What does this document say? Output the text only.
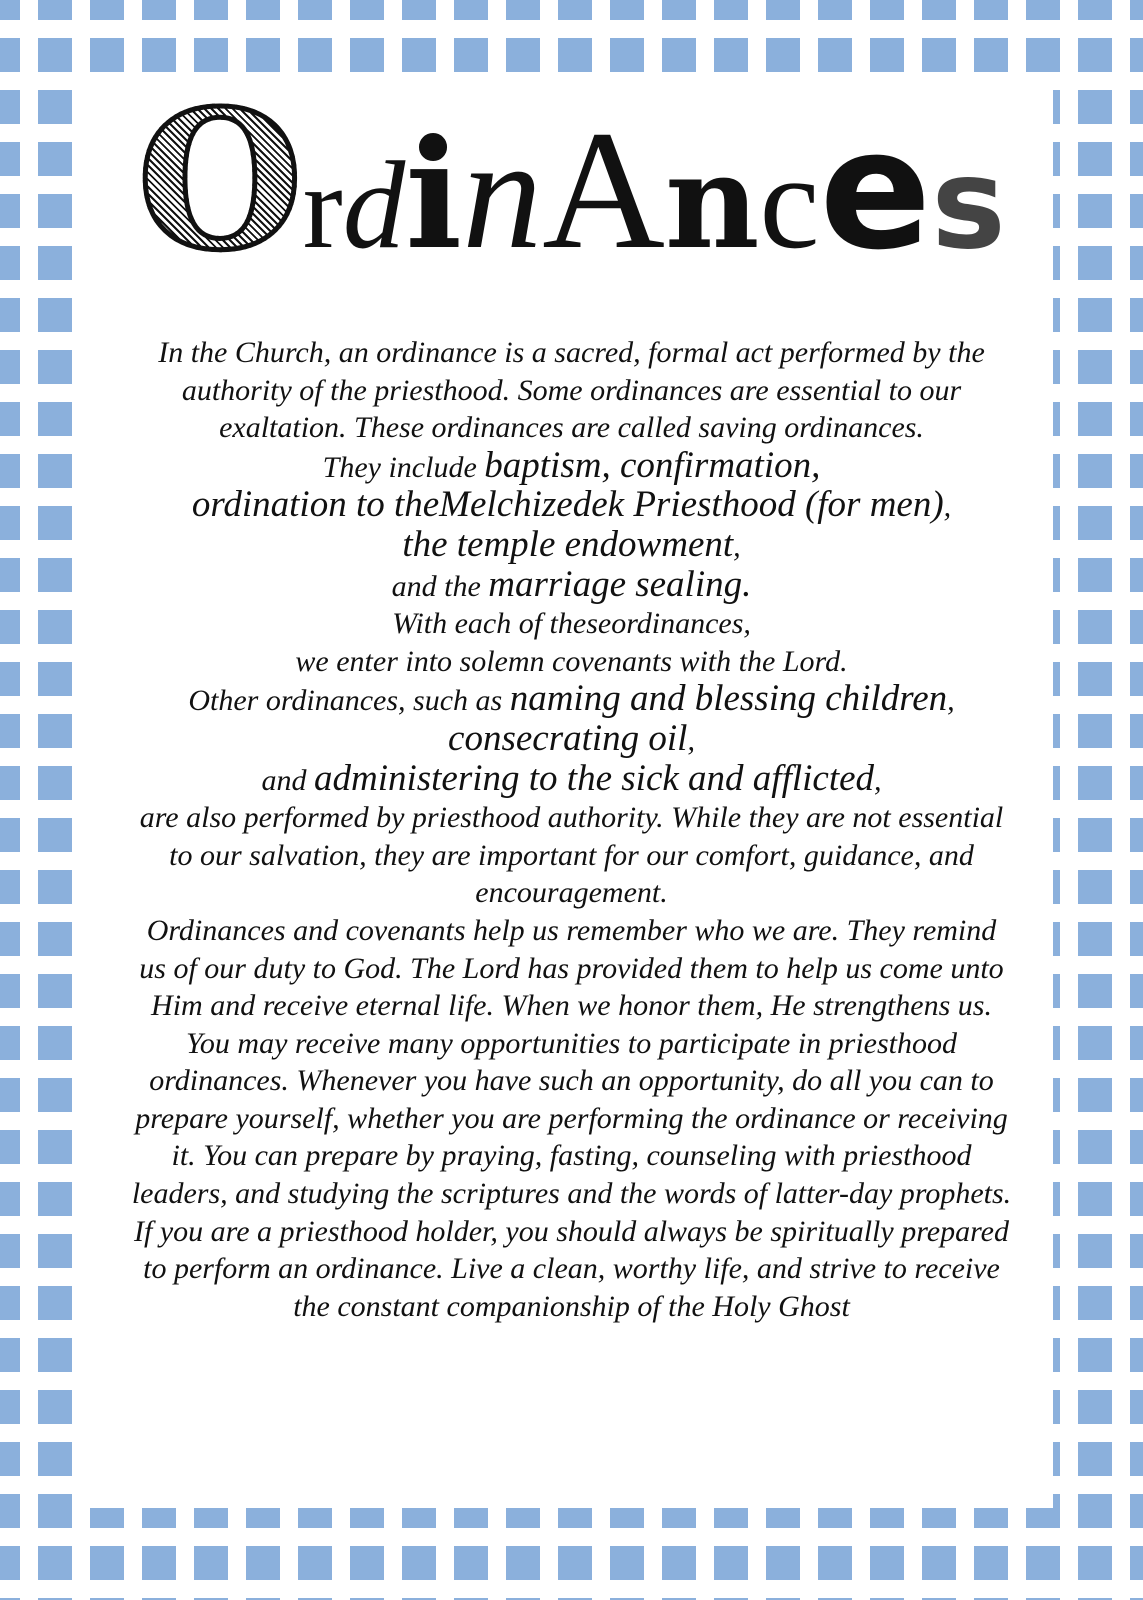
OrdinAnces

In the Church, an ordinance is a sacred, formal act performed by the authority of the priesthood. Some ordinances are essential to our exaltation. These ordinances are called saving ordinances.

They include baptism, confirmation,

ordination to theMelchizedek Priesthood (for men),

the temple endowment,

and the marriage sealing.

With each of theseordinances,

we enter into solemn covenants with the Lord.

Other ordinances, such as naming and blessing children,

consecrating oil,

and administering to the sick and afflicted,

are also performed by priesthood authority. While they are not essential to our salvation, they are important for our comfort, guidance, and encouragement.

Ordinances and covenants help us remember who we are. They remind us of our duty to God. The Lord has provided them to help us come unto Him and receive eternal life. When we honor them, He strengthens us.

You may receive many opportunities to participate in priesthood ordinances. Whenever you have such an opportunity, do all you can to prepare yourself, whether you are performing the ordinance or receiving it. You can prepare by praying, fasting, counseling with priesthood leaders, and studying the scriptures and the words of latter-day prophets. If you are a priesthood holder, you should always be spiritually prepared to perform an ordinance. Live a clean, worthy life, and strive to receive the constant companionship of the Holy Ghost
